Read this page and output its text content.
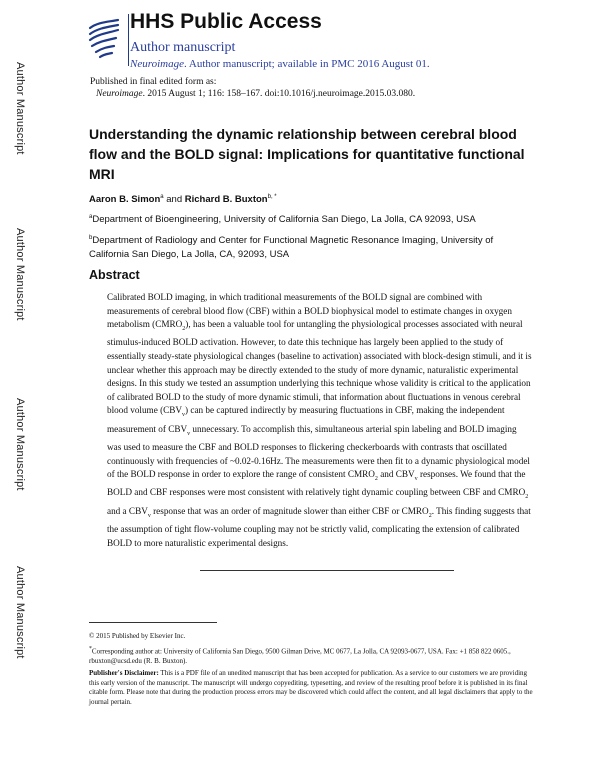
Author Manuscript
Author Manuscript
Author Manuscript
Author Manuscript
HHS Public Access
Author manuscript
Neuroimage. Author manuscript; available in PMC 2016 August 01.
Published in final edited form as:
Neuroimage. 2015 August 1; 116: 158–167. doi:10.1016/j.neuroimage.2015.03.080.
Understanding the dynamic relationship between cerebral blood flow and the BOLD signal: Implications for quantitative functional MRI
Aaron B. Simon$^a$ and Richard B. Buxton$^{b, *}$
$^a$Department of Bioengineering, University of California San Diego, La Jolla, CA 92093, USA
$^b$Department of Radiology and Center for Functional Magnetic Resonance Imaging, University of California San Diego, La Jolla, CA, 92093, USA
Abstract
Calibrated BOLD imaging, in which traditional measurements of the BOLD signal are combined with measurements of cerebral blood flow (CBF) within a BOLD biophysical model to estimate changes in oxygen metabolism $(CMRO_2)$, has been a valuable tool for untangling the physiological processes associated with neural stimulus-induced BOLD activation. However, to date this technique has largely been applied to the study of essentially steady-state physiological changes (baseline to activation) associated with block-design stimuli, and it is unclear whether this approach may be directly extended to the study of more dynamic, naturalistic experimental designs. In this study we tested an assumption underlying this technique whose validity is critical to the application of calibrated BOLD to the study of more dynamic stimuli, that information about fluctuations in venous cerebral blood volume $(CBV_v)$ can be captured indirectly by measuring fluctuations in CBF, making the independent measurement of $CBV_v$ unnecessary. To accomplish this, simultaneous arterial spin labeling and BOLD imaging was used to measure the CBF and BOLD responses to flickering checkerboards with contrasts that oscillated continuously with frequencies of ~0.02-0.16Hz. The measurements were then fit to a dynamic physiological model of the BOLD response in order to explore the range of consistent $CMRO_2$ and $CBV_v$ responses. We found that the BOLD and CBF responses were most consistent with relatively tight dynamic coupling between CBF and $CMRO_2$ and a $CBV_v$ response that was an order of magnitude slower than either CBF or $CMRO_2$. This finding suggests that the assumption of tight flow-volume coupling may not be strictly valid, complicating the extension of calibrated BOLD to more naturalistic experimental designs.

© 2015 Published by Elsevier Inc.

*Corresponding author at: University of California San Diego, 9500 Gilman Drive, MC 0677, La Jolla, CA 92093-0677, USA. Fax: +1 858 822 0605., rbuxton@ucsd.edu (R. B. Buxton).

Publisher's Disclaimer: This is a PDF file of an unedited manuscript that has been accepted for publication. As a service to our customers we are providing this early version of the manuscript. The manuscript will undergo copyediting, typesetting, and review of the resulting proof before it is published in its final citable form. Please note that during the production process errors may be discovered which could affect the content, and all legal disclaimers that apply to the journal pertain.
